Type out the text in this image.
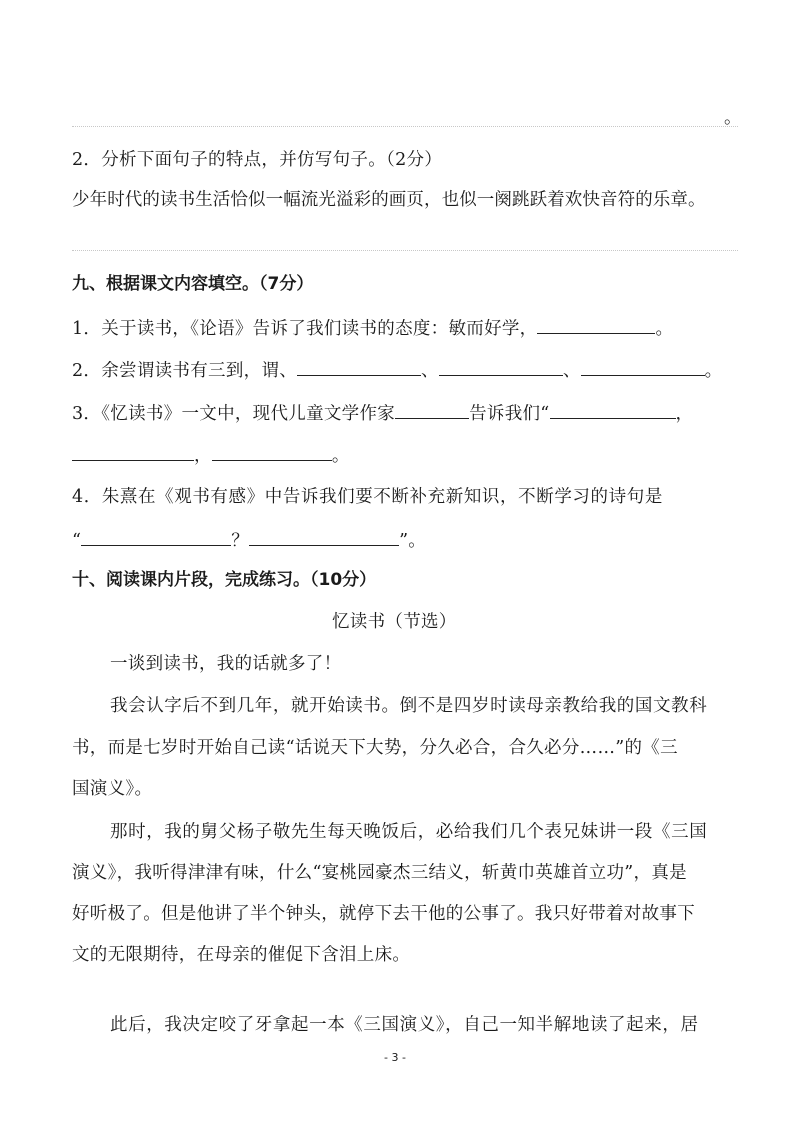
。
2．分析下面句子的特点，并仿写句子。（2分）
少年时代的读书生活恰似一幅流光溢彩的画页，也似一阕跳跃着欢快音符的乐章。
九、根据课文内容填空。（7分）
1．关于读书，《论语》告诉了我们读书的态度：敏而好学，	。
2．余尝谓读书有三到，谓、	、	、	。
3．《忆读书》一文中，现代儿童文学作家	告诉我们“	，
，	。
4．朱熹在《观书有感》中告诉我们要不断补充新知识，不断学习的诗句是
“	？	”。
十、阅读课内片段，完成练习。（10分）
忆读书（节选）
一谈到读书，我的话就多了！
我会认字后不到几年，就开始读书。倒不是四岁时读母亲教给我的国文教科
书，而是七岁时开始自己读“话说天下大势，分久必合，合久必分……”的《三
国演义》。
那时，我的舅父杨子敬先生每天晚饭后，必给我们几个表兄妹讲一段《三国
演义》，我听得津津有味，什么“宴桃园豪杰三结义，斩黄巾英雄首立功”，真是
好听极了。但是他讲了半个钟头，就停下去干他的公事了。我只好带着对故事下
文的无限期待，在母亲的催促下含泪上床。
此后，我决定咬了牙拿起一本《三国演义》，自己一知半解地读了起来，居
- 3 -
